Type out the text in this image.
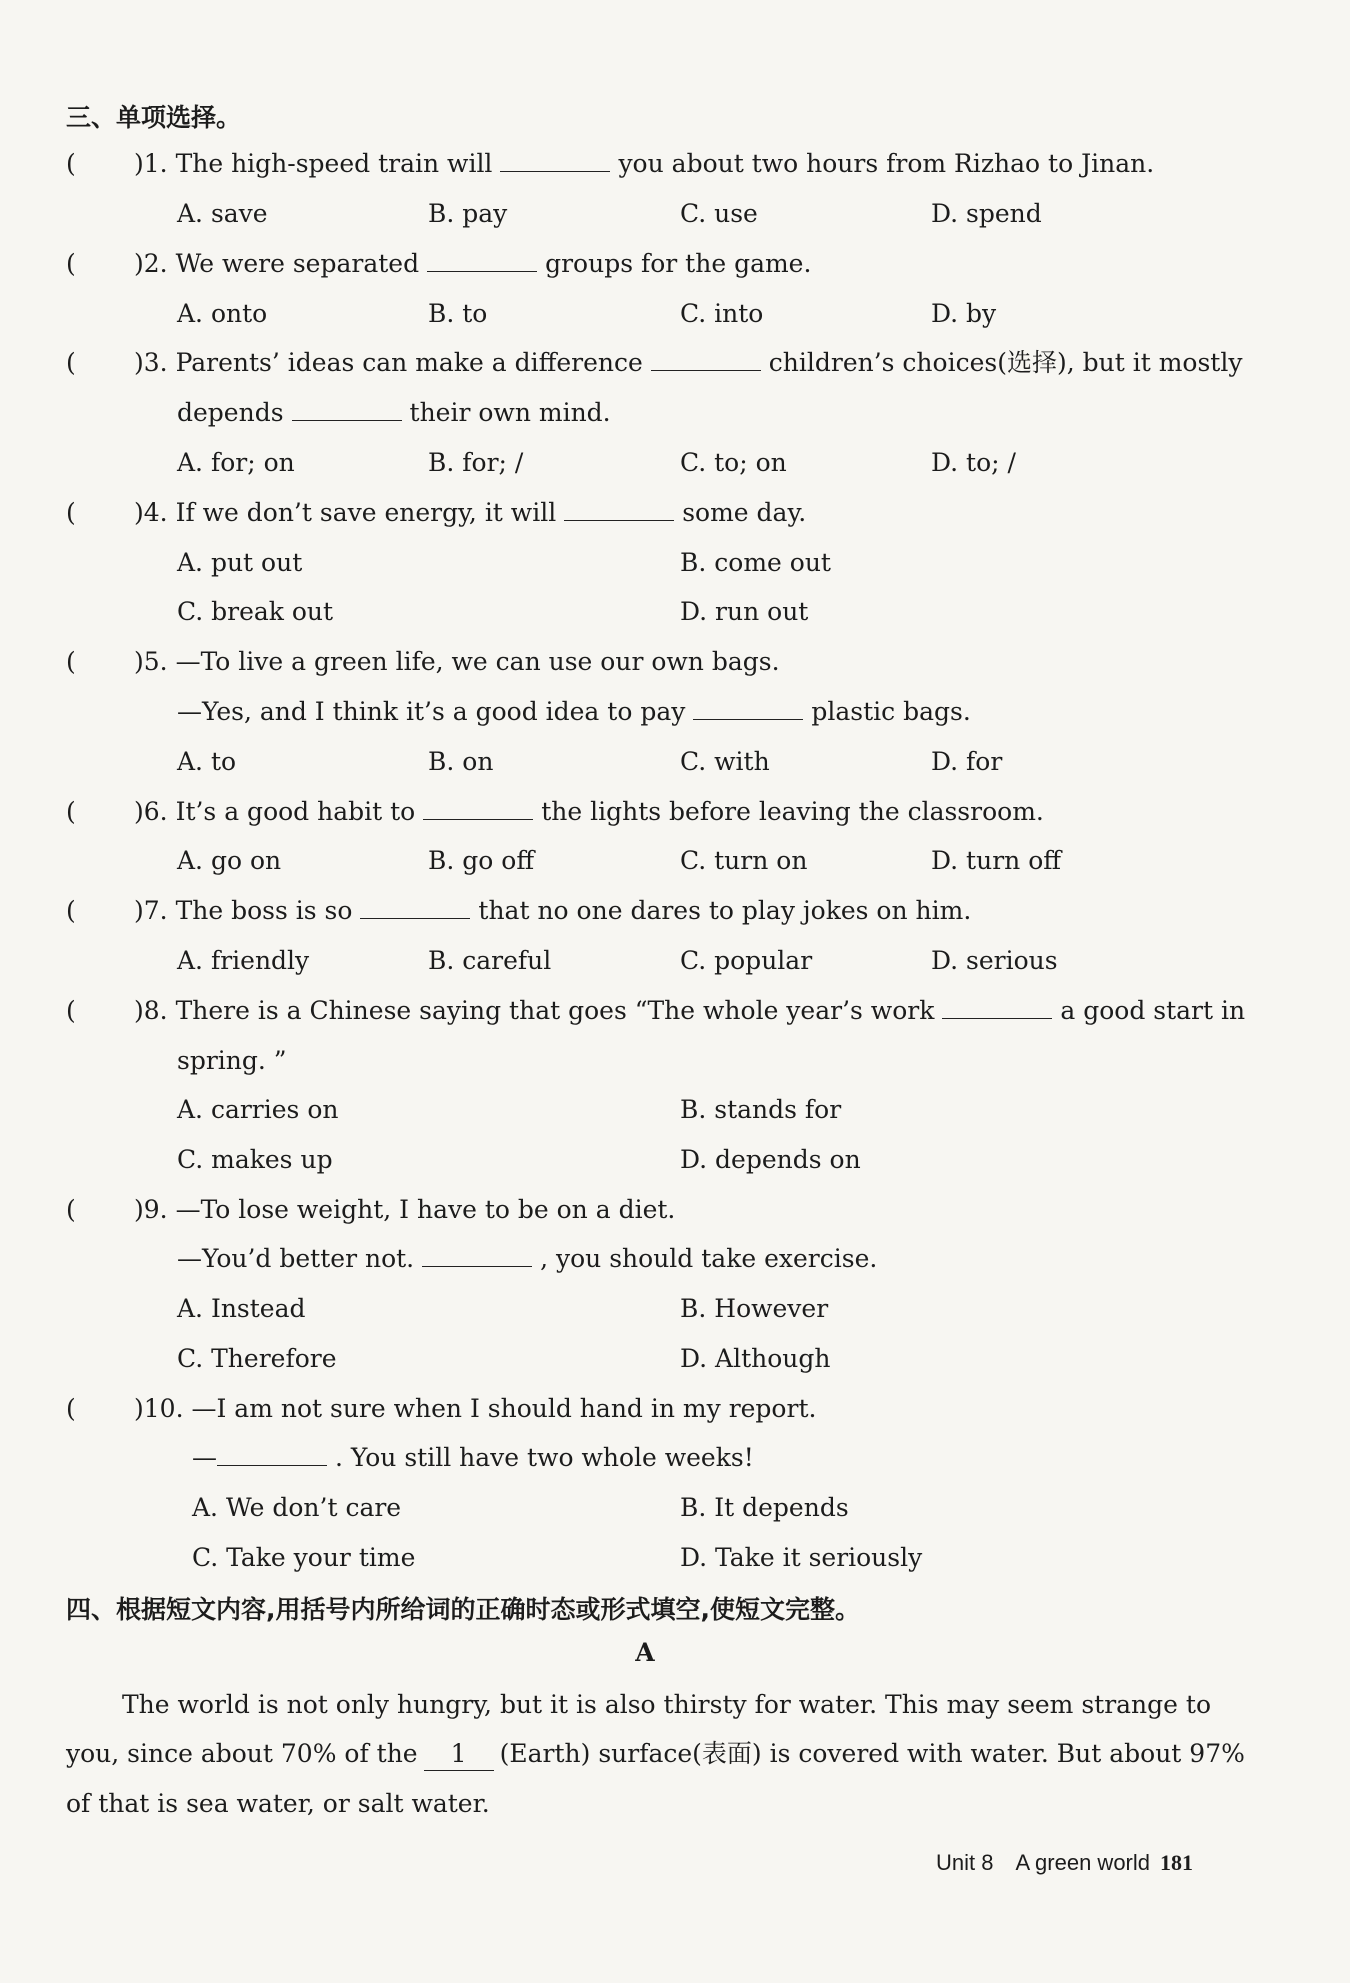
三、单项选择。
( )1. The high-speed train will	you about two hours from Rizhao to Jinan.
A. save	B. pay	C. use	D. spend
( )2. We were separated	groups for the game.
A. onto	B. to	C. into	D. by
( )3. Parents’ ideas can make a difference	children’s choices(选择), but it mostly
depends	their own mind.
A. for; on	B. for; /	C. to; on	D. to; /
( )4. If we don’t save energy, it will	some day.
A. put out	B. come out
C. break out	D. run out
( )5. —To live a green life, we can use our own bags.
—Yes, and I think it’s a good idea to pay	plastic bags.
A. to	B. on	C. with	D. for
( )6. It’s a good habit to	the lights before leaving the classroom.
A. go on	B. go off	C. turn on	D. turn off
( )7. The boss is so	that no one dares to play jokes on him.
A. friendly	B. careful	C. popular	D. serious
( )8. There is a Chinese saying that goes “The whole year’s work	a good start in
spring. ”
A. carries on	B. stands for
C. makes up	D. depends on
( )9. —To lose weight, I have to be on a diet.
—You’d better not.	, you should take exercise.
A. Instead	B. However
C. Therefore	D. Although
( )10. —I am not sure when I should hand in my report.
—	. You still have two whole weeks!
A. We don’t care	B. It depends
C. Take your time	D. Take it seriously
四、根据短文内容,用括号内所给词的正确时态或形式填空,使短文完整。
A
The world is not only hungry, but it is also thirsty for water. This may seem strange to
you, since about 70% of the 1 (Earth) surface(表面) is covered with water. But about 97%
of that is sea water, or salt water.
Unit 8 A green world 181
